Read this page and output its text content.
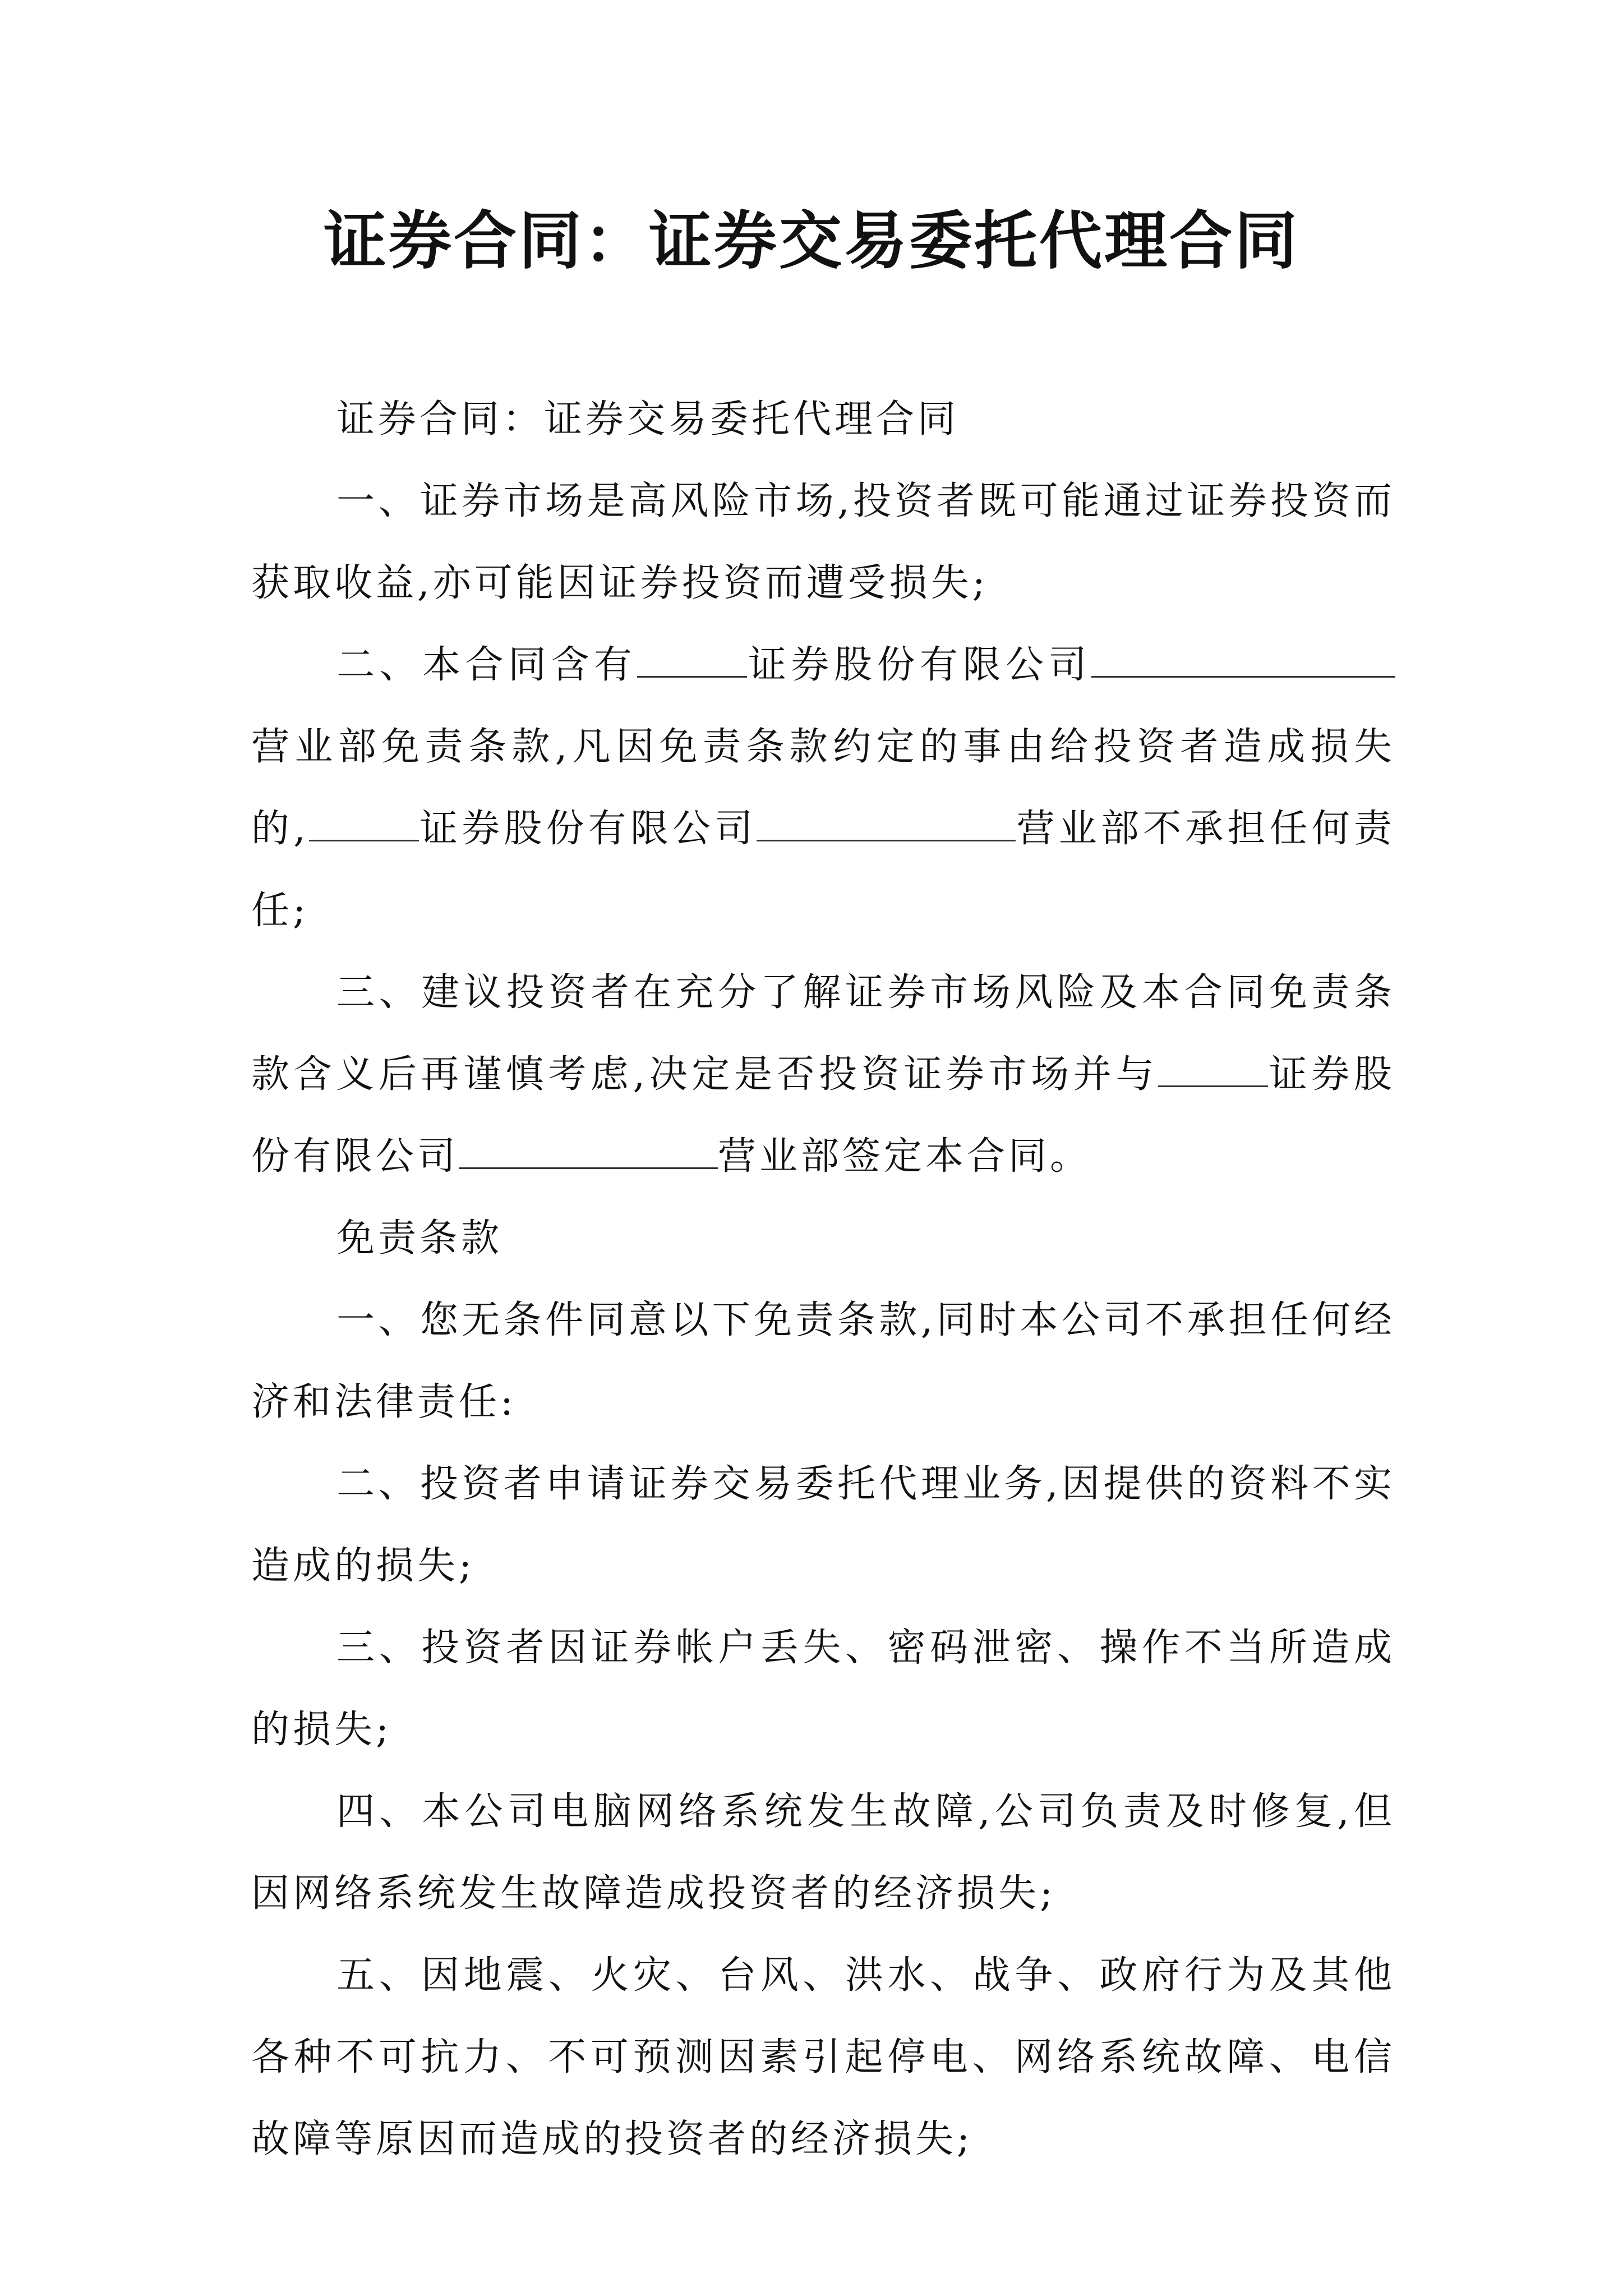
证券合同：证券交易委托代理合同

证券合同：证券交易委托代理合同

一、证券市场是高风险市场,投资者既可能通过证券投资而获取收益,亦可能因证券投资而遭受损失;

二、本合同含有	证券股份有限公司营业部免责条款,凡因免责条款约定的事由给投资者造成损失的,	证券股份有限公司	营业部不承担任何责任;

三、建议投资者在充分了解证券市场风险及本合同免责条款含义后再谨慎考虑,决定是否投资证券市场并与	证券股份有限公司	营业部签定本合同。

免责条款

一、您无条件同意以下免责条款,同时本公司不承担任何经济和法律责任:

二、投资者申请证券交易委托代理业务,因提供的资料不实造成的损失;

三、投资者因证券帐户丢失、密码泄密、操作不当所造成的损失;

四、本公司电脑网络系统发生故障,公司负责及时修复,但因网络系统发生故障造成投资者的经济损失;

五、因地震、火灾、台风、洪水、战争、政府行为及其他各种不可抗力、不可预测因素引起停电、网络系统故障、电信故障等原因而造成的投资者的经济损失;
